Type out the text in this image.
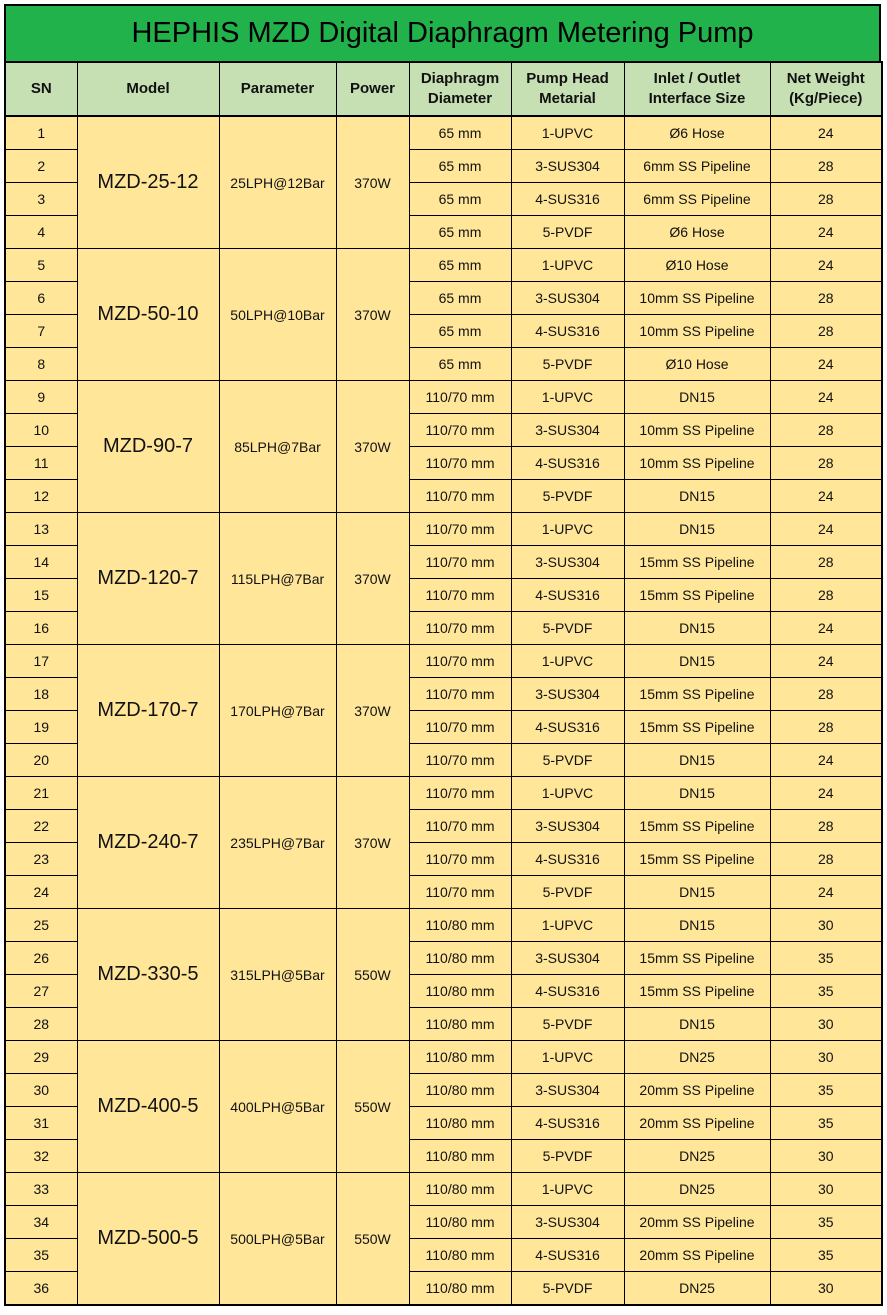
HEPHIS MZD Digital Diaphragm Metering Pump
SN	Model	Parameter	Power	Diaphragm Diameter	Pump Head Metarial	Inlet / Outlet Interface Size	Net Weight (Kg/Piece)
1	MZD-25-12	25LPH@12Bar	370W	65 mm	1-UPVC	Ø6 Hose	24
2				65 mm	3-SUS304	6mm SS Pipeline	28
3				65 mm	4-SUS316	6mm SS Pipeline	28
4				65 mm	5-PVDF	Ø6 Hose	24
5	MZD-50-10	50LPH@10Bar	370W	65 mm	1-UPVC	Ø10 Hose	24
6				65 mm	3-SUS304	10mm SS Pipeline	28
7				65 mm	4-SUS316	10mm SS Pipeline	28
8				65 mm	5-PVDF	Ø10 Hose	24
9	MZD-90-7	85LPH@7Bar	370W	110/70 mm	1-UPVC	DN15	24
10				110/70 mm	3-SUS304	10mm SS Pipeline	28
11				110/70 mm	4-SUS316	10mm SS Pipeline	28
12				110/70 mm	5-PVDF	DN15	24
13	MZD-120-7	115LPH@7Bar	370W	110/70 mm	1-UPVC	DN15	24
14				110/70 mm	3-SUS304	15mm SS Pipeline	28
15				110/70 mm	4-SUS316	15mm SS Pipeline	28
16				110/70 mm	5-PVDF	DN15	24
17	MZD-170-7	170LPH@7Bar	370W	110/70 mm	1-UPVC	DN15	24
18				110/70 mm	3-SUS304	15mm SS Pipeline	28
19				110/70 mm	4-SUS316	15mm SS Pipeline	28
20				110/70 mm	5-PVDF	DN15	24
21	MZD-240-7	235LPH@7Bar	370W	110/70 mm	1-UPVC	DN15	24
22				110/70 mm	3-SUS304	15mm SS Pipeline	28
23				110/70 mm	4-SUS316	15mm SS Pipeline	28
24				110/70 mm	5-PVDF	DN15	24
25	MZD-330-5	315LPH@5Bar	550W	110/80 mm	1-UPVC	DN15	30
26				110/80 mm	3-SUS304	15mm SS Pipeline	35
27				110/80 mm	4-SUS316	15mm SS Pipeline	35
28				110/80 mm	5-PVDF	DN15	30
29	MZD-400-5	400LPH@5Bar	550W	110/80 mm	1-UPVC	DN25	30
30				110/80 mm	3-SUS304	20mm SS Pipeline	35
31				110/80 mm	4-SUS316	20mm SS Pipeline	35
32				110/80 mm	5-PVDF	DN25	30
33	MZD-500-5	500LPH@5Bar	550W	110/80 mm	1-UPVC	DN25	30
34				110/80 mm	3-SUS304	20mm SS Pipeline	35
35				110/80 mm	4-SUS316	20mm SS Pipeline	35
36				110/80 mm	5-PVDF	DN25	30
